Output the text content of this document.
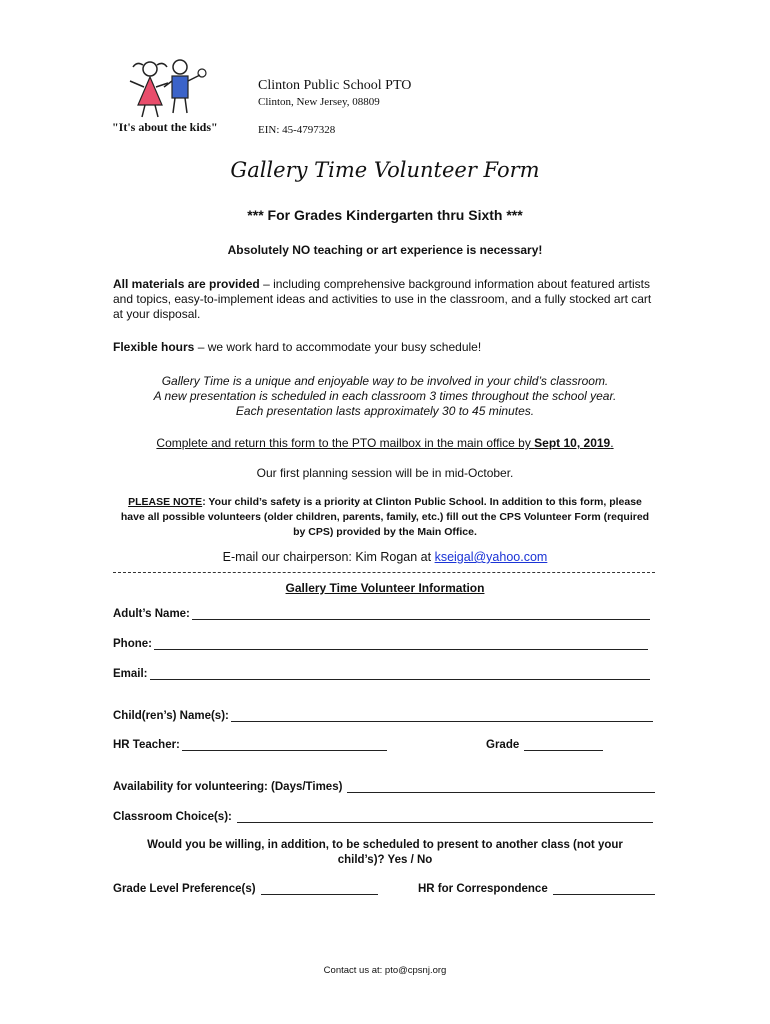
"It's about the kids"
Clinton Public School PTO
Clinton, New Jersey, 08809
EIN: 45-4797328
Gallery Time Volunteer Form
*** For Grades Kindergarten thru Sixth ***
Absolutely NO teaching or art experience is necessary!
All materials are provided – including comprehensive background information about featured artists and topics, easy-to-implement ideas and activities to use in the classroom, and a fully stocked art cart at your disposal.
Flexible hours – we work hard to accommodate your busy schedule!
Gallery Time is a unique and enjoyable way to be involved in your child’s classroom.
A new presentation is scheduled in each classroom 3 times throughout the school year.
Each presentation lasts approximately 30 to 45 minutes.
Complete and return this form to the PTO mailbox in the main office by Sept 10, 2019.
Our first planning session will be in mid-October.
PLEASE NOTE: Your child’s safety is a priority at Clinton Public School. In addition to this form, please have all possible volunteers (older children, parents, family, etc.) fill out the CPS Volunteer Form (required by CPS) provided by the Main Office.
E-mail our chairperson: Kim Rogan at kseigal@yahoo.com
Gallery Time Volunteer Information
Adult’s Name:
Phone:
Email:
Child(ren’s) Name(s):
HR Teacher:	Grade
Availability for volunteering: (Days/Times)
Classroom Choice(s):
Would you be willing, in addition, to be scheduled to present to another class (not your child’s)? Yes / No
Grade Level Preference(s)	HR for Correspondence
Contact us at: pto@cpsnj.org
